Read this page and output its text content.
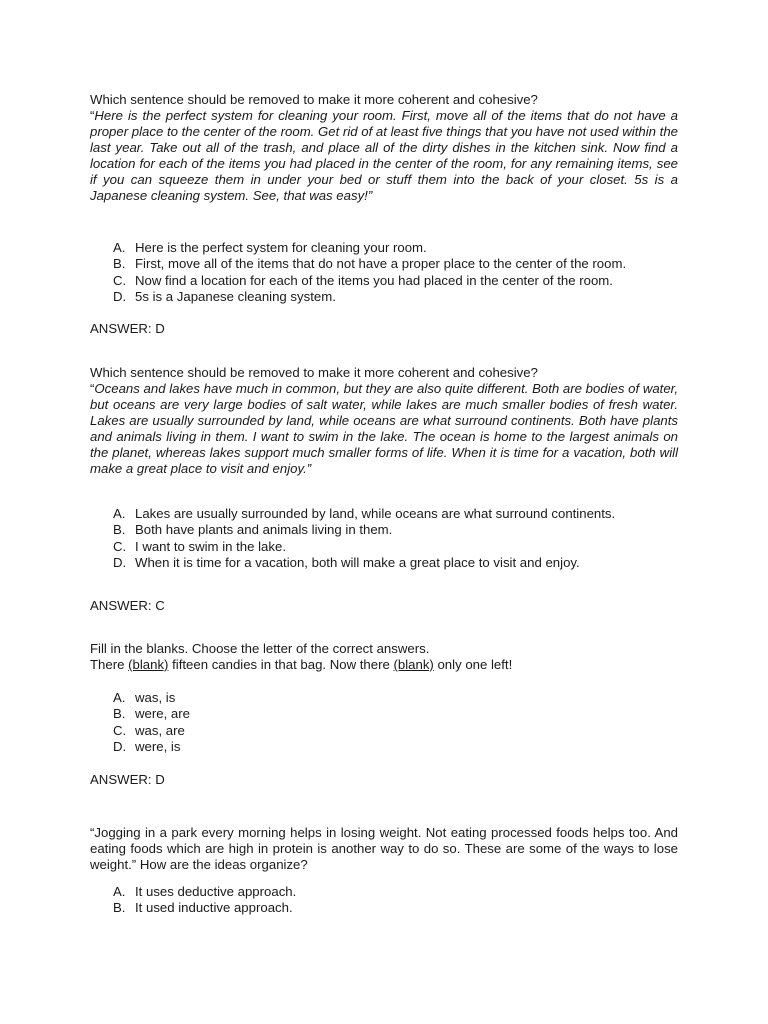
Which sentence should be removed to make it more coherent and cohesive?

“Here is the perfect system for cleaning your room. First, move all of the items that do not have a proper place to the center of the room. Get rid of at least five things that you have not used within the last year. Take out all of the trash, and place all of the dirty dishes in the kitchen sink. Now find a location for each of the items you had placed in the center of the room, for any remaining items, see if you can squeeze them in under your bed or stuff them into the back of your closet. 5s is a Japanese cleaning system. See, that was easy!”

A. Here is the perfect system for cleaning your room.
B. First, move all of the items that do not have a proper place to the center of the room.
C. Now find a location for each of the items you had placed in the center of the room.
D. 5s is a Japanese cleaning system.

ANSWER: D

Which sentence should be removed to make it more coherent and cohesive?

“Oceans and lakes have much in common, but they are also quite different. Both are bodies of water, but oceans are very large bodies of salt water, while lakes are much smaller bodies of fresh water. Lakes are usually surrounded by land, while oceans are what surround continents. Both have plants and animals living in them. I want to swim in the lake. The ocean is home to the largest animals on the planet, whereas lakes support much smaller forms of life. When it is time for a vacation, both will make a great place to visit and enjoy.”

A. Lakes are usually surrounded by land, while oceans are what surround continents.
B. Both have plants and animals living in them.
C. I want to swim in the lake.
D. When it is time for a vacation, both will make a great place to visit and enjoy.

ANSWER: C

Fill in the blanks. Choose the letter of the correct answers.

There (blank) fifteen candies in that bag. Now there (blank) only one left!

A. was, is
B. were, are
C. was, are
D. were, is

ANSWER: D

“Jogging in a park every morning helps in losing weight. Not eating processed foods helps too. And eating foods which are high in protein is another way to do so. These are some of the ways to lose weight.” How are the ideas organize?

A. It uses deductive approach.
B. It used inductive approach.
